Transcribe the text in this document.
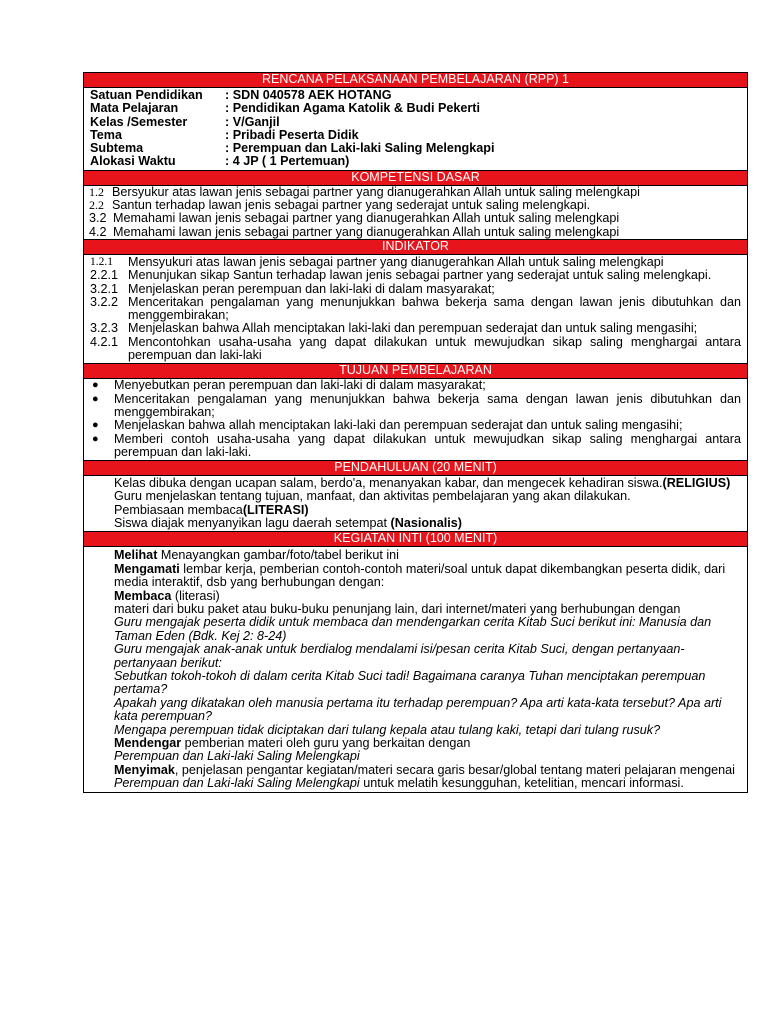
RENCANA PELAKSANAAN PEMBELAJARAN (RPP) 1
Satuan Pendidikan	: SDN 040578 AEK HOTANG
Mata Pelajaran	: Pendidikan Agama Katolik & Budi Pekerti
Kelas /Semester	: V/Ganjil
Tema	: Pribadi Peserta Didik
Subtema	: Perempuan dan Laki-laki Saling Melengkapi
Alokasi Waktu	: 4 JP ( 1 Pertemuan)
KOMPETENSI DASAR
1.2 Bersyukur atas lawan jenis sebagai partner yang dianugerahkan Allah untuk saling melengkapi
2.2 Santun terhadap lawan jenis sebagai partner yang sederajat untuk saling melengkapi.
3.2 Memahami lawan jenis sebagai partner yang dianugerahkan Allah untuk saling melengkapi
4.2 Memahami lawan jenis sebagai partner yang dianugerahkan Allah untuk saling melengkapi
INDIKATOR
1.2.1	Mensyukuri atas lawan jenis sebagai partner yang dianugerahkan Allah untuk saling melengkapi
2.2.1 Menunjukan sikap Santun terhadap lawan jenis sebagai partner yang sederajat untuk saling melengkapi.
3.2.1 Menjelaskan peran perempuan dan laki-laki di dalam masyarakat;
3.2.2 Menceritakan pengalaman yang menunjukkan bahwa bekerja sama dengan lawan jenis dibutuhkan dan menggembirakan;
3.2.3 Menjelaskan bahwa Allah menciptakan laki-laki dan perempuan sederajat dan untuk saling mengasihi;
4.2.1 Mencontohkan usaha-usaha yang dapat dilakukan untuk mewujudkan sikap saling menghargai antara perempuan dan laki-laki
TUJUAN PEMBELAJARAN
●	Menyebutkan peran perempuan dan laki-laki di dalam masyarakat;
●	Menceritakan pengalaman yang menunjukkan bahwa bekerja sama dengan lawan jenis dibutuhkan dan menggembirakan;
●	Menjelaskan bahwa allah menciptakan laki-laki dan perempuan sederajat dan untuk saling mengasihi;
●	Memberi contoh usaha-usaha yang dapat dilakukan untuk mewujudkan sikap saling menghargai antara perempuan dan laki-laki.
PENDAHULUAN (20 MENIT)
Kelas dibuka dengan ucapan salam, berdo'a, menanyakan kabar, dan mengecek kehadiran siswa.(RELIGIUS)
Guru menjelaskan tentang tujuan, manfaat, dan aktivitas pembelajaran yang akan dilakukan.
Pembiasaan membaca(LITERASI)
Siswa diajak menyanyikan lagu daerah setempat (Nasionalis)
KEGIATAN INTI (100 MENIT)

Melihat Menayangkan gambar/foto/tabel berikut ini

Mengamati lembar kerja, pemberian contoh-contoh materi/soal untuk dapat dikembangkan peserta didik, dari media interaktif, dsb yang berhubungan dengan:

Membaca (literasi)

materi dari buku paket atau buku-buku penunjang lain, dari internet/materi yang berhubungan dengan

Guru mengajak peserta didik untuk membaca dan mendengarkan cerita Kitab Suci berikut ini: Manusia dan Taman Eden (Bdk. Kej 2: 8-24)

Guru mengajak anak-anak untuk berdialog mendalami isi/pesan cerita Kitab Suci, dengan pertanyaan-pertanyaan berikut:

Sebutkan tokoh-tokoh di dalam cerita Kitab Suci tadi! Bagaimana caranya Tuhan menciptakan perempuan pertama?

Apakah yang dikatakan oleh manusia pertama itu terhadap perempuan? Apa arti kata-kata tersebut? Apa arti kata perempuan?

Mengapa perempuan tidak diciptakan dari tulang kepala atau tulang kaki, tetapi dari tulang rusuk?

Mendengar pemberian materi oleh guru yang berkaitan dengan

Perempuan dan Laki-laki Saling Melengkapi

Menyimak, penjelasan pengantar kegiatan/materi secara garis besar/global tentang materi pelajaran mengenai

Perempuan dan Laki-laki Saling Melengkapi untuk melatih kesungguhan, ketelitian, mencari informasi.
